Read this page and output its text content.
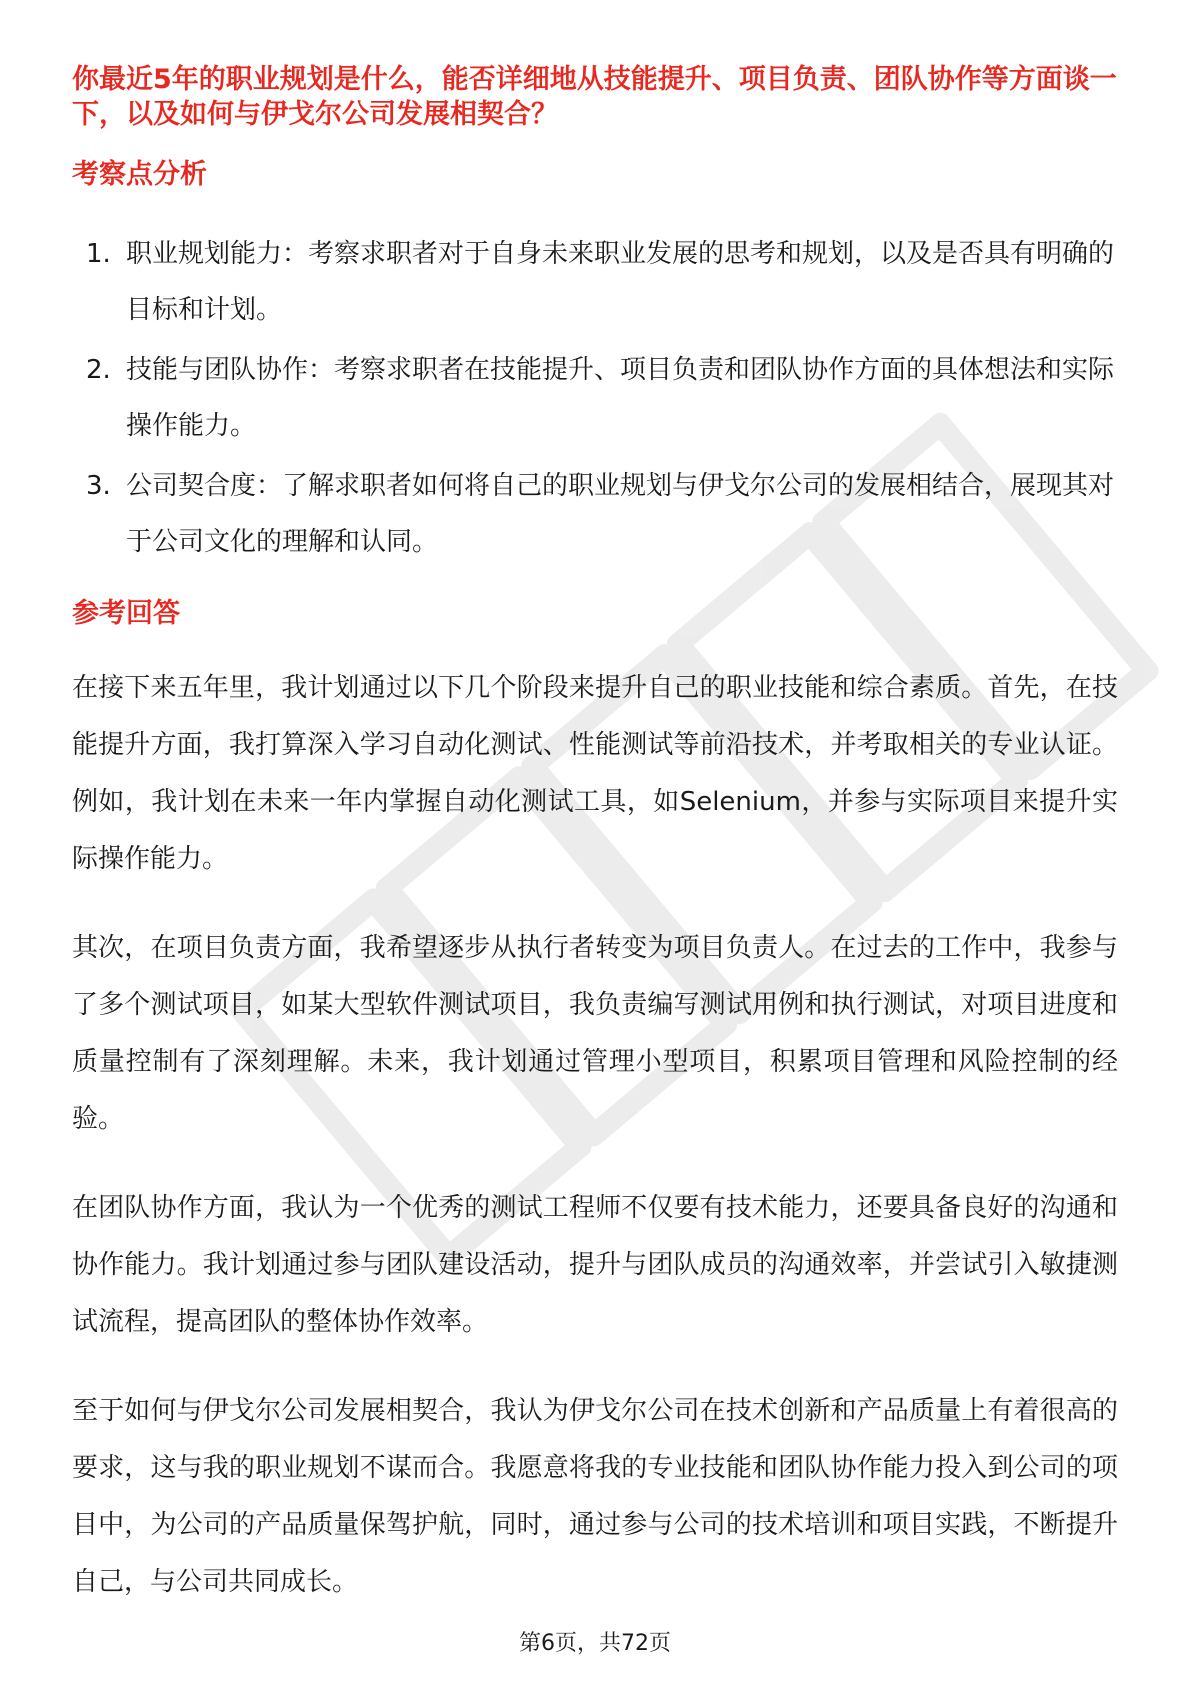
你最近5年的职业规划是什么，能否详细地从技能提升、项目负责、团队协作等方面谈一下，以及如何与伊戈尔公司发展相契合？
考察点分析
1. 职业规划能力：考察求职者对于自身未来职业发展的思考和规划，以及是否具有明确的目标和计划。
2. 技能与团队协作：考察求职者在技能提升、项目负责和团队协作方面的具体想法和实际操作能力。
3. 公司契合度：了解求职者如何将自己的职业规划与伊戈尔公司的发展相结合，展现其对于公司文化的理解和认同。
参考回答

在接下来五年里，我计划通过以下几个阶段来提升自己的职业技能和综合素质。首先，在技能提升方面，我打算深入学习自动化测试、性能测试等前沿技术，并考取相关的专业认证。例如，我计划在未来一年内掌握自动化测试工具，如Selenium，并参与实际项目来提升实际操作能力。

其次，在项目负责方面，我希望逐步从执行者转变为项目负责人。在过去的工作中，我参与了多个测试项目，如某大型软件测试项目，我负责编写测试用例和执行测试，对项目进度和质量控制有了深刻理解。未来，我计划通过管理小型项目，积累项目管理和风险控制的经验。

在团队协作方面，我认为一个优秀的测试工程师不仅要有技术能力，还要具备良好的沟通和协作能力。我计划通过参与团队建设活动，提升与团队成员的沟通效率，并尝试引入敏捷测试流程，提高团队的整体协作效率。

至于如何与伊戈尔公司发展相契合，我认为伊戈尔公司在技术创新和产品质量上有着很高的要求，这与我的职业规划不谋而合。我愿意将我的专业技能和团队协作能力投入到公司的项目中，为公司的产品质量保驾护航，同时，通过参与公司的技术培训和项目实践，不断提升自己，与公司共同成长。

第6页，共72页
